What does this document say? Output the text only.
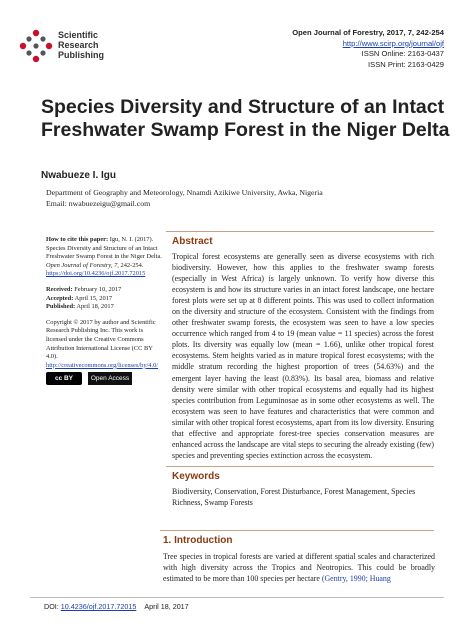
Scientific
Research
Publishing
Open Journal of Forestry, 2017, 7, 242-254
http://www.scirp.org/journal/ojf
ISSN Online: 2163-0437
ISSN Print: 2163-0429
Species Diversity and Structure of an Intact
Freshwater Swamp Forest in the Niger Delta
Nwabueze I. Igu
Department of Geography and Meteorology, Nnamdi Azikiwe University, Awka, Nigeria
Email: nwabuezeigu@gmail.com
How to cite this paper: Igu, N. I. (2017). Species Diversity and Structure of an Intact Freshwater Swamp Forest in the Niger Delta. Open Journal of Forestry, 7, 242-254.
https://doi.org/10.4236/ojf.2017.72015
Received: February 10, 2017
Accepted: April 15, 2017
Published: April 18, 2017
Copyright © 2017 by author and Scientific Research Publishing Inc. This work is licensed under the Creative Commons Attribution International License (CC BY 4.0).
http://creativecommons.org/licenses/by/4.0/
cc BY	Open Access
Abstract
Tropical forest ecosystems are generally seen as diverse ecosystems with rich biodiversity. However, how this applies to the freshwater swamp forests (especially in West Africa) is largely unknown. To verify how diverse this ecosystem is and how its structure varies in an intact forest landscape, one hectare forest plots were set up at 8 different points. This was used to collect information on the diversity and structure of the ecosystem. Consistent with the findings from other freshwater swamp forests, the ecosystem was seen to have a low species occurrence which ranged from 4 to 19 (mean value = 11 species) across the forest plots. Its diversity was equally low (mean = 1.66), unlike other tropical forest ecosystems. Stem heights varied as in mature tropical forest ecosystems; with the middle stratum recording the highest proportion of trees (54.63%) and the emergent layer having the least (0.83%). Its basal area, biomass and relative density were similar with other tropical ecosystems and equally had its highest species contribution from Leguminosae as in some other ecosystems as well. The ecosystem was seen to have features and characteristics that were common and similar with other tropical forest ecosystems, apart from its low diversity. Ensuring that effective and appropriate forest-tree species conservation measures are enhanced across the landscape are vital steps to securing the already existing (few) species and preventing species extinction across the ecosystem.
Keywords
Biodiversity, Conservation, Forest Disturbance, Forest Management, Species Richness, Swamp Forests
1. Introduction
Tree species in tropical forests are varied at different spatial scales and characterized with high diversity across the Tropics and Neotropics. This could be broadly estimated to be more than 100 species per hectare (Gentry, 1990; Huang
DOI: 10.4236/ojf.2017.72015 April 18, 2017
